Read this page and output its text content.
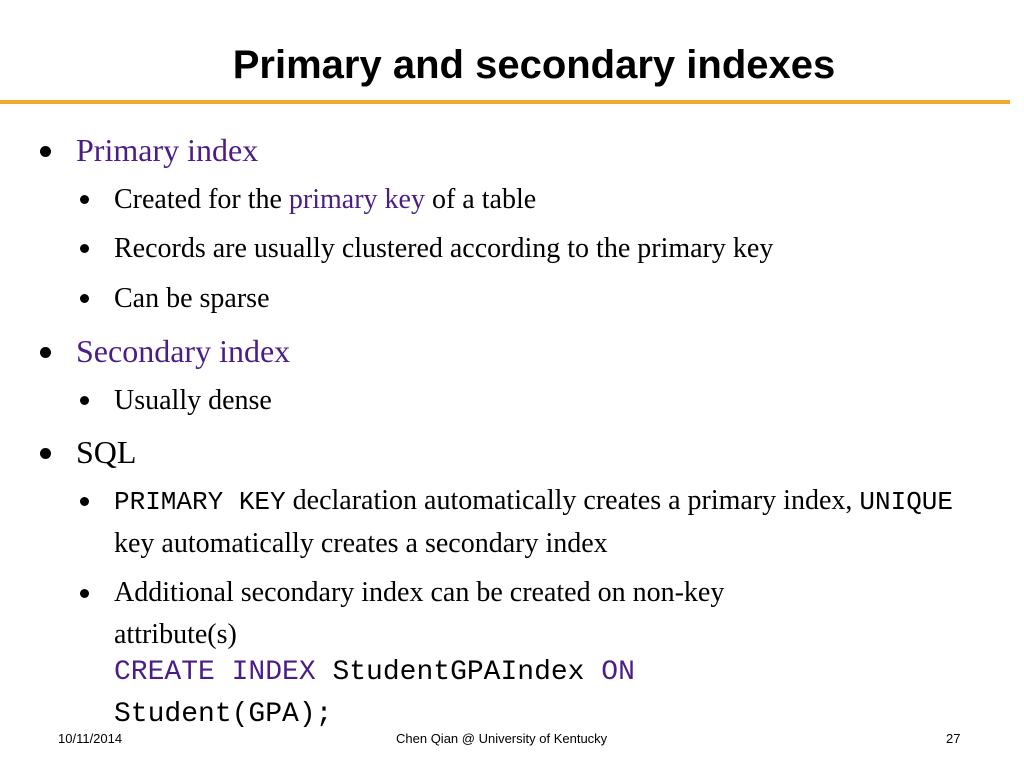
Primary and secondary indexes
Primary index
Created for the primary key of a table
Records are usually clustered according to the primary key
Can be sparse
Secondary index
Usually dense
SQL
PRIMARY KEY declaration automatically creates a primary index, UNIQUE key automatically creates a secondary index
Additional secondary index can be created on non-key
attribute(s)
CREATE INDEX StudentGPAIndex ON
Student(GPA);
10/11/2014	Chen Qian @ University of Kentucky	27
